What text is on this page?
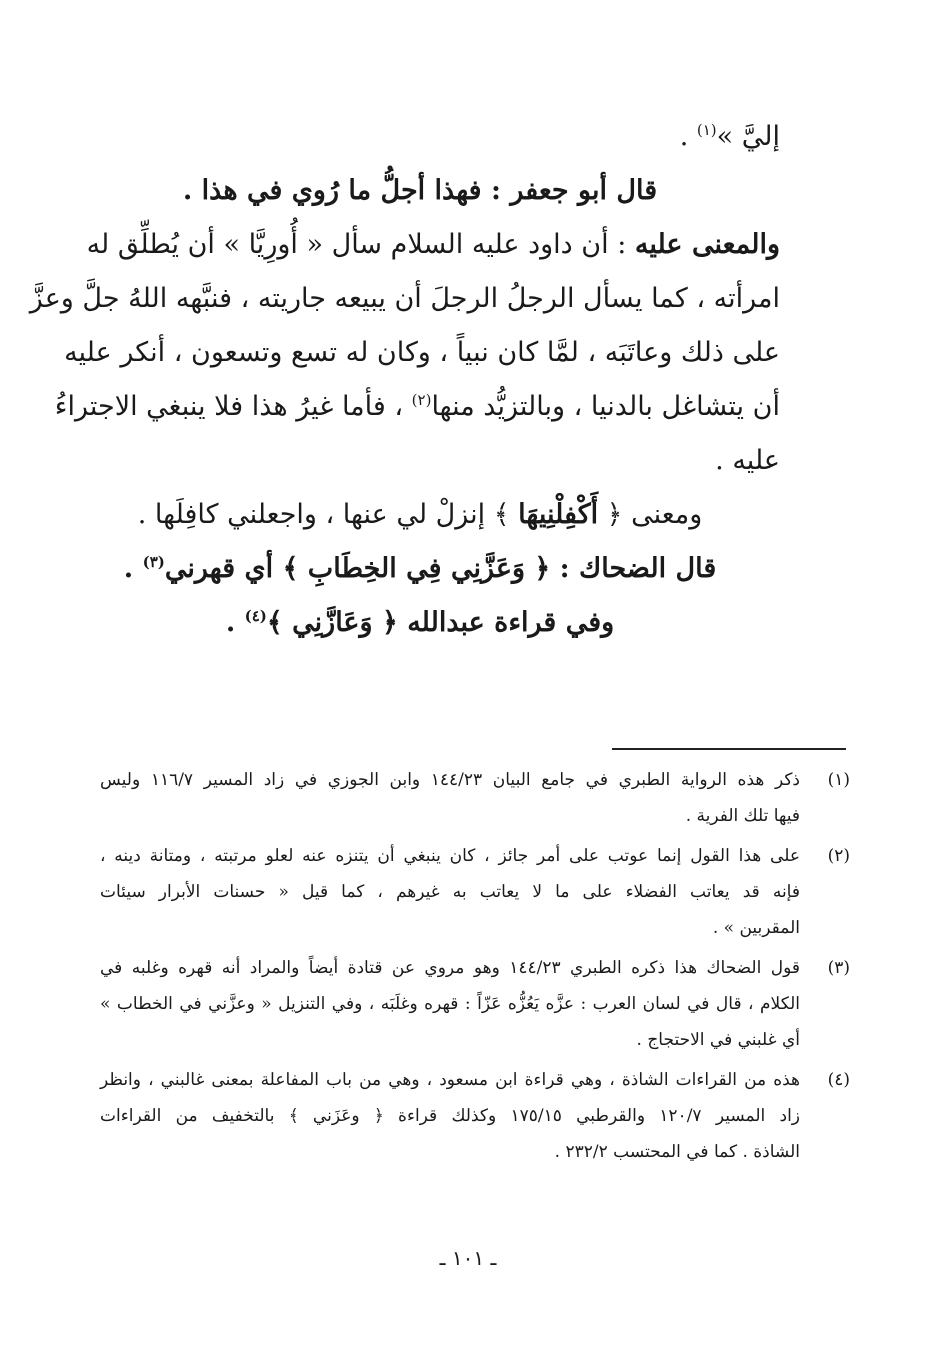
إليَّ »$^{(١)}$ .
قال أبو جعفر : فهذا أجلُّ ما رُوي في هذا .
والمعنى عليه : أن داود عليه السلام سأل « أُورِيَّا » أن يُطلِّق له
امرأته ، كما يسأل الرجلُ الرجلَ أن يبيعه جاريته ، فنبَّهه اللهُ جلَّ وعزَّ
على ذلك وعاتَبَه ، لمَّا كان نبياً ، وكان له تسع وتسعون ، أنكر عليه
أن يتشاغل بالدنيا ، وبالتزيُّد منها$^{(٢)}$ ، فأما غيرُ هذا فلا ينبغي الاجتراءُ
عليه .
ومعنى ﴿ أَكْفِلْنِيهَا ﴾ إنزلْ لي عنها ، واجعلني كافِلَها .
قال الضحاك : ﴿ وَعَزَّنِي فِي الخِطَابِ ﴾ أي قهرني$^{(٣)}$ .
وفي قراءة عبدالله ﴿ وَعَازَّنِي ﴾$^{(٤)}$ .
(١)
ذكر هذه الرواية الطبري في جامع البيان ١٤٤/٢٣ وابن الجوزي في زاد المسير ١١٦/٧ وليس
فيها تلك الفرية .
(٢)
على هذا القول إنما عوتب على أمر جائز ، كان ينبغي أن يتنزه عنه لعلو مرتبته ، ومتانة دينه ،
فإنه قد يعاتب الفضلاء على ما لا يعاتب به غيرهم ، كما قيل « حسنات الأبرار سيئات
المقربين » .
(٣)
قول الضحاك هذا ذكره الطبري ١٤٤/٢٣ وهو مروي عن قتادة أيضاً والمراد أنه قهره وغلبه في
الكلام ، قال في لسان العرب : عزَّه يَعُزُّه عَزّاً : قهره وغلَبَه ، وفي التنزيل « وعزَّني في الخطاب »
أي غلبني في الاحتجاج .
(٤)
هذه من القراءات الشاذة ، وهي قراءة ابن مسعود ، وهي من باب المفاعلة بمعنى غالبني ، وانظر
زاد المسير ١٢٠/٧ والقرطبي ١٧٥/١٥ وكذلك قراءة ﴿ وعَزَني ﴾ بالتخفيف من القراءات
الشاذة . كما في المحتسب ٢٣٢/٢ .
ـ ١٠١ ـ
